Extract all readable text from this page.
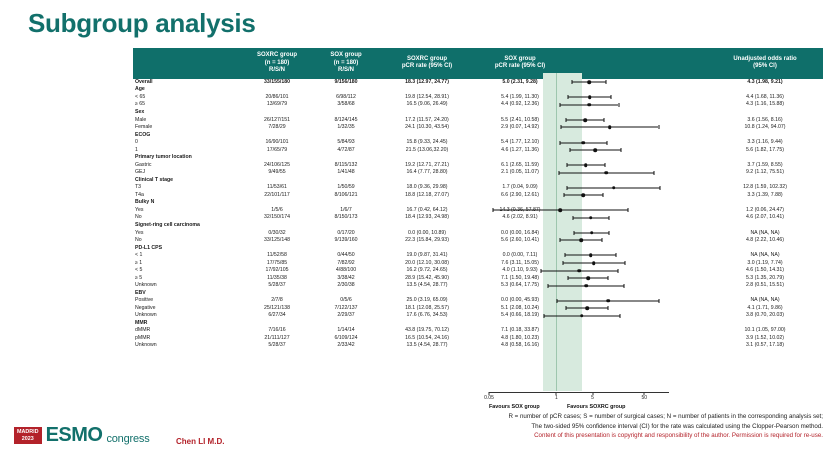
Subgroup analysis

SOXRC group
(n = 180)
R/S/N

SOX group
(n = 180)
R/S/N

SOXRC group
pCR rate (95% CI)

SOX group
pCR rate (95% CI)

Unadjusted odds ratio
(95% CI)

Overall	33/155/180	9/156/180	18.3 (12.97, 24.77)	5.0 (2.31, 9.28)		4.3 (1.98, 9.21)
Age						
< 65	20/86/101	6/98/112	19.8 (12.54, 28.91)	5.4 (1.99, 11.30)		4.4 (1.68, 11.36)
≥ 65	13/69/79	3/58/68	16.5 (9.06, 26.49)	4.4 (0.92, 12.36)		4.3 (1.16, 15.88)
Sex						
Male	26/127/151	8/124/145	17.2 (11.57, 24.20)	5.5 (2.41, 10.58)		3.6 (1.56, 8.16)
Female	7/28/29	1/32/35	24.1 (10.30, 43.54)	2.9 (0.07, 14.92)		10.8 (1.24, 94.07)
ECOG						
0	16/90/101	5/84/93	15.8 (9.33, 24.45)	5.4 (1.77, 12.10)		3.3 (1.16, 9.44)
1	17/65/79	4/72/87	21.5 (13.06,32.20)	4.6 (1.27, 11.36)		5.6 (1.82, 17.75)
Primary tumor location						
Gastric	24/106/125	8/115/132	19.2 (12.71, 27.21)	6.1 (2.65, 11.59)		3.7 (1.59, 8.55)
GEJ	9/49/55	1/41/48	16.4 (7.77, 28.80)	2.1 (0.05, 11.07)		9.2 (1.12, 75.51)
Clinical T stage						
T3	11/53/61	1/50/59	18.0 (9.36, 29.98)	1.7 (0.04, 9.09)		12.8 (1.59, 102.32)
T4a	22/101/117	8/106/121	18.8 (12.18, 27.07)	6.6 (2.90, 12.61)		3.3 (1.39, 7.88)
Bulky N						
Yes	1/5/6	1/6/7	16.7 (0.42, 64.12)			1.2 (0.06, 24.47)
No	32/150/174	8/150/173	18.4 (12.93, 24.98)	4.6 (2.02, 8.91)		4.6 (2.07, 10.41)
Signet-ring cell carcinoma						
Yes	0/30/32	0/17/20	0.0 (0.00, 10.89)	0.0 (0.00, 16.84)		NA (NA, NA)
No	33/125/148	9/139/160	22.3 (15.84, 29.93)	5.6 (2.60, 10.41)		4.8 (2.22, 10.46)
PD-L1 CPS						
< 1	11/52/58	0/44/50	19.0 (9.87, 31.41)	0.0 (0.00, 7.11)		NA (NA, NA)
≥ 1	17/75/85	7/82/92	20.0 (12.10, 30.08)	7.6 (3.11, 15.05)		3.0 (1.19, 7.74)
< 5	17/92/105	4/88/100	16.2 (9.72, 24.65)	4.0 (1.10, 9.93)		4.6 (1.50, 14.31)
≥ 5	11/35/38	3/38/42	28.9 (15.42, 45.90)	7.1 (1.50, 19.48)		5.3 (1.35, 20.79)
Unknown	5/28/37	2/30/38	13.5 (4.54, 28.77)	5.3 (0.64, 17.75)		2.8 (0.51, 15.51)
EBV						
Positive	2/7/8	0/5/6	25.0 (3.19, 65.09)	0.0 (0.00, 45.93)		NA (NA, NA)
Negative	25/121/138	7/122/137	18.1 (12.08, 25.57)	5.1 (2.08, 10.24)		4.1 (1.71, 9.86)
Unknown	6/27/34	2/29/37	17.6 (6.76, 34.53)	5.4 (0.66, 18.19)		3.8 (0.70, 20.03)
MMR						
dMMR	7/16/16	1/14/14	43.8 (19.75, 70.12)	7.1 (0.18, 33.87)		10.1 (1.05, 97.00)
pMMR	21/111/127	6/109/124	16.5 (10.54, 24.16)	4.8 (1.80, 10.23)		3.9 (1.52, 10.02)
Unknown	5/28/37	2/33/42	13.5 (4.54, 28.77)	4.8 (0.58, 16.16)		3.1 (0.57, 17.18)
0.05	1	5	50
Favours SOX group	Favours SOXRC group
R = number of pCR cases; S = number of surgical cases; N = number of patients in the corresponding analysis set;
The two-sided 95% confidence interval (CI) for the rate was calculated using the Clopper-Pearson method.
Content of this presentation is copyright and responsibility of the author. Permission is required for re-use.
MADRID
2023 ESMO congress	Chen LI M.D.
